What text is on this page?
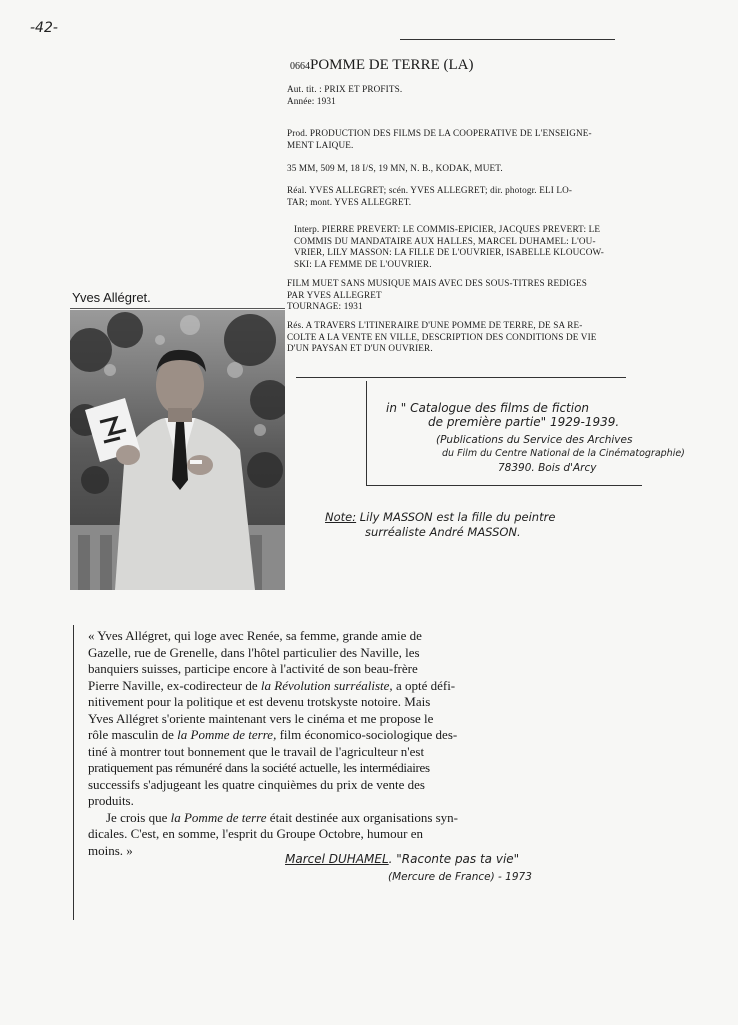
-42-
0664POMME DE TERRE (LA)
Aut. tit. : PRIX ET PROFITS.
Année: 1931
Prod. PRODUCTION DES FILMS DE LA COOPERATIVE DE L'ENSEIGNE-
MENT LAIQUE.
35 MM, 509 M, 18 I/S, 19 MN, N. B., KODAK, MUET.
Réal. YVES ALLEGRET; scén. YVES ALLEGRET; dir. photogr. ELI LO-
TAR; mont. YVES ALLEGRET.
Interp. PIERRE PREVERT: LE COMMIS-EPICIER, JACQUES PREVERT: LE
COMMIS DU MANDATAIRE AUX HALLES, MARCEL DUHAMEL: L'OU-
VRIER, LILY MASSON: LA FILLE DE L'OUVRIER, ISABELLE KLOUCOW-
SKI: LA FEMME DE L'OUVRIER.
FILM MUET SANS MUSIQUE MAIS AVEC DES SOUS-TITRES REDIGES
PAR YVES ALLEGRET
TOURNAGE: 1931
Rés. A TRAVERS L'ITINERAIRE D'UNE POMME DE TERRE, DE SA RE-
COLTE A LA VENTE EN VILLE, DESCRIPTION DES CONDITIONS DE VIE
D'UN PAYSAN ET D'UN OUVRIER.
Yves Allégret.
in " Catalogue des films de fiction
de première partie" 1929-1939.
(Publications du Service des Archives
du Film du Centre National de la Cinématographie)
78390. Bois d'Arcy
Note: Lily MASSON est la fille du peintre
surréaliste André MASSON.

« Yves Allégret, qui loge avec Renée, sa femme, grande amie de
Gazelle, rue de Grenelle, dans l'hôtel particulier des Naville, les
banquiers suisses, participe encore à l'activité de son beau-frère
Pierre Naville, ex-codirecteur de la Révolution surréaliste, a opté défi-
nitivement pour la politique et est devenu trotskyste notoire. Mais
Yves Allégret s'oriente maintenant vers le cinéma et me propose le
rôle masculin de la Pomme de terre, film économico-sociologique des-
tiné à montrer tout bonnement que le travail de l'agriculteur n'est
pratiquement pas rémunéré dans la société actuelle, les intermédiaires
successifs s'adjugeant les quatre cinquièmes du prix de vente des
produits.

Je crois que la Pomme de terre était destinée aux organisations syn-

dicales. C'est, en somme, l'esprit du Groupe Octobre, humour en
moins. »

Marcel DUHAMEL. "Raconte pas ta vie"
(Mercure de France) - 1973
